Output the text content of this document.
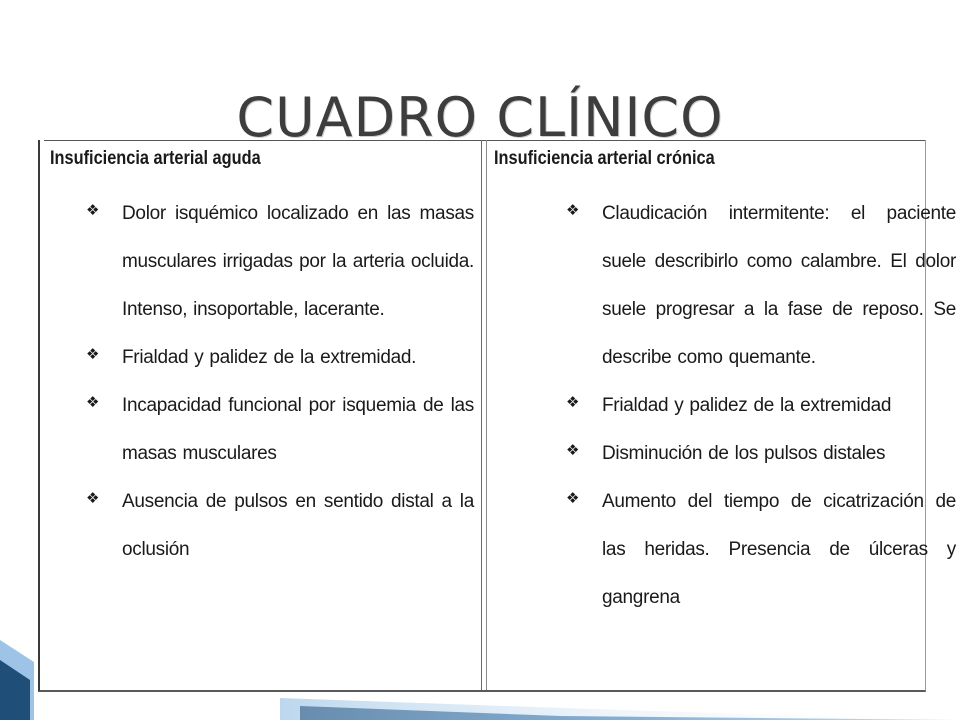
CUADRO CLÍNICO
Insuficiencia arterial aguda
❖ Dolor isquémico localizado en las masas musculares irrigadas por la arteria ocluida. Intenso, insoportable, lacerante.
❖ Frialdad y palidez de la extremidad.
❖ Incapacidad funcional por isquemia de las masas musculares
❖ Ausencia de pulsos en sentido distal a la oclusión
Insuficiencia arterial crónica
❖ Claudicación intermitente: el paciente suele describirlo como calambre. El dolor suele progresar a la fase de reposo. Se describe como quemante.
❖ Frialdad y palidez de la extremidad
❖ Disminución de los pulsos distales
❖ Aumento del tiempo de cicatrización de las heridas. Presencia de úlceras y gangrena
